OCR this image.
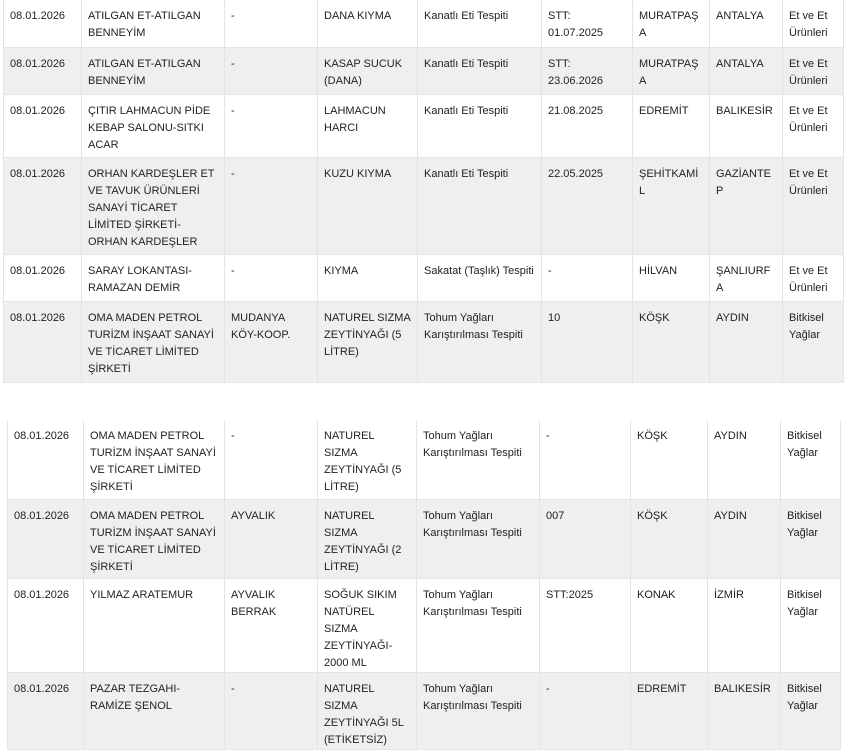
08.01.2026	ATILGAN ET-ATILGAN BENNEYİM	-	DANA KIYMA	Kanatlı Eti Tespiti	STT: 01.07.2025	MURATPAŞA	ANTALYA	Et ve Et Ürünleri
08.01.2026	ATILGAN ET-ATILGAN BENNEYİM	-	KASAP SUCUK (DANA)	Kanatlı Eti Tespiti	STT: 23.06.2026	MURATPAŞA	ANTALYA	Et ve Et Ürünleri
08.01.2026	ÇITIR LAHMACUN PİDE KEBAP SALONU-SITKI ACAR	-	LAHMACUN HARCI	Kanatlı Eti Tespiti	21.08.2025	EDREMİT	BALIKESİR	Et ve Et Ürünleri
08.01.2026	ORHAN KARDEŞLER ET VE TAVUK ÜRÜNLERİ SANAYİ TİCARET LİMİTED ŞİRKETİ-ORHAN KARDEŞLER	-	KUZU KIYMA	Kanatlı Eti Tespiti	22.05.2025	ŞEHİTKAMİL	GAZİANTEP	Et ve Et Ürünleri
08.01.2026	SARAY LOKANTASI-RAMAZAN DEMİR	-	KIYMA	Sakatat (Taşlık) Tespiti	-	HİLVAN	ŞANLIURFA	Et ve Et Ürünleri
08.01.2026	OMA MADEN PETROL TURİZM İNŞAAT SANAYİ VE TİCARET LİMİTED ŞİRKETİ	MUDANYA KÖY-KOOP.	NATUREL SIZMA ZEYTİNYAĞI (5 LİTRE)	Tohum Yağları Karıştırılması Tespiti	10	KÖŞK	AYDIN	Bitkisel Yağlar
08.01.2026	OMA MADEN PETROL TURİZM İNŞAAT SANAYİ VE TİCARET LİMİTED ŞİRKETİ	-	NATUREL SIZMA ZEYTİNYAĞI (5 LİTRE)	Tohum Yağları Karıştırılması Tespiti	-	KÖŞK	AYDIN	Bitkisel Yağlar
08.01.2026	OMA MADEN PETROL TURİZM İNŞAAT SANAYİ VE TİCARET LİMİTED ŞİRKETİ	AYVALIK	NATUREL SIZMA ZEYTİNYAĞI (2 LİTRE)	Tohum Yağları Karıştırılması Tespiti	007	KÖŞK	AYDIN	Bitkisel Yağlar
08.01.2026	YILMAZ ARATEMUR	AYVALIK BERRAK	SOĞUK SIKIM NATÜREL SIZMA ZEYTİNYAĞI-2000 ML	Tohum Yağları Karıştırılması Tespiti	STT:2025	KONAK	İZMİR	Bitkisel Yağlar
08.01.2026	PAZAR TEZGAHI-RAMİZE ŞENOL	-	NATUREL SIZMA ZEYTİNYAĞI 5L (ETİKETSİZ)	Tohum Yağları Karıştırılması Tespiti	-	EDREMİT	BALIKESİR	Bitkisel Yağlar
